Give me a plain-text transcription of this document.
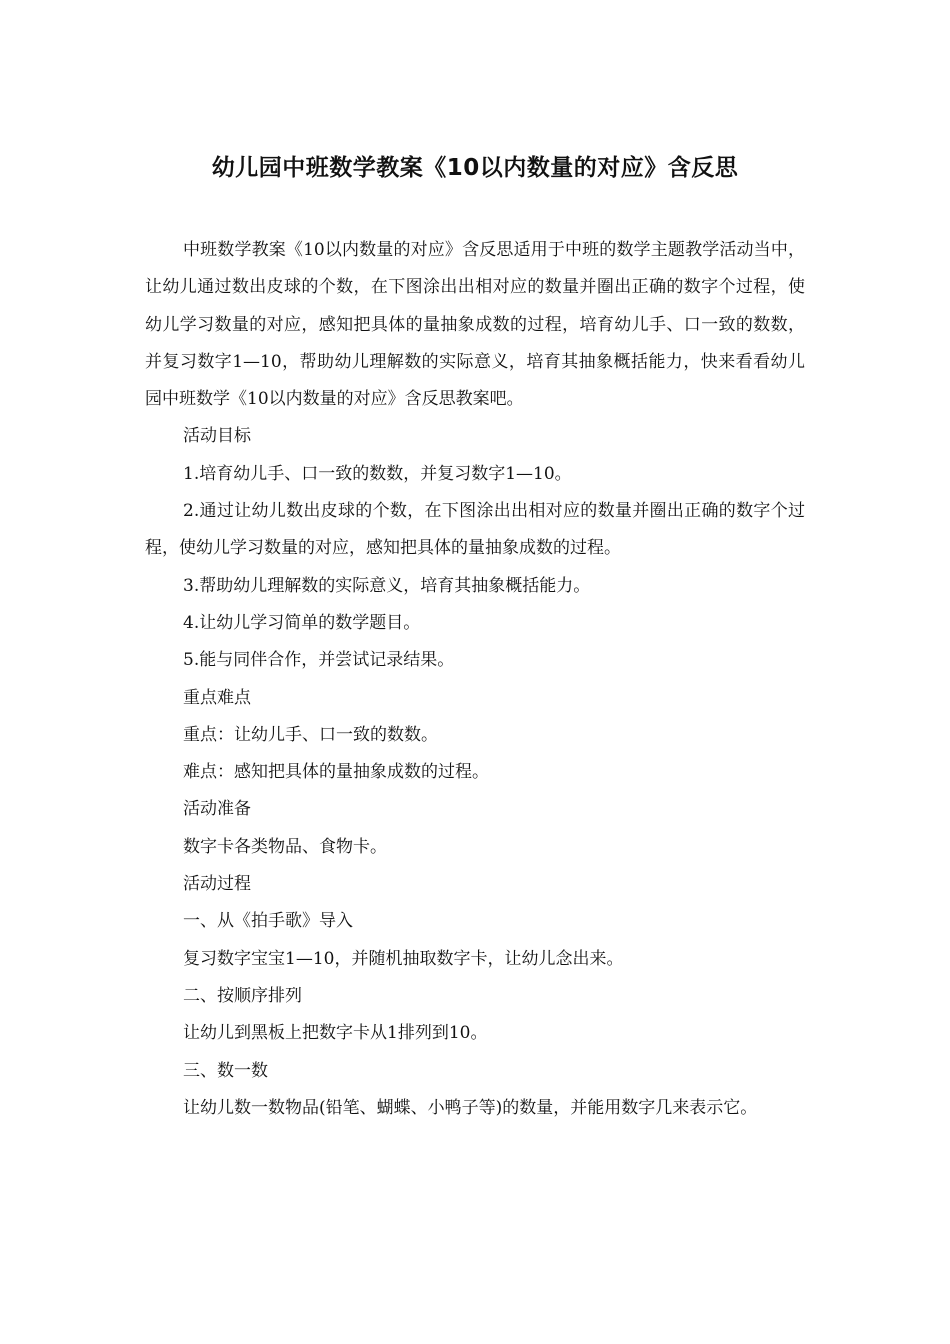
幼儿园中班数学教案《10以内数量的对应》含反思

中班数学教案《10以内数量的对应》含反思适用于中班的数学主题教学活动当中，让幼儿通过数出皮球的个数，在下图涂出出相对应的数量并圈出正确的数字个过程，使幼儿学习数量的对应，感知把具体的量抽象成数的过程，培育幼儿手、口一致的数数，并复习数字1—10，帮助幼儿理解数的实际意义，培育其抽象概括能力，快来看看幼儿园中班数学《10以内数量的对应》含反思教案吧。

活动目标

1.培育幼儿手、口一致的数数，并复习数字1—10。

2.通过让幼儿数出皮球的个数，在下图涂出出相对应的数量并圈出正确的数字个过程，使幼儿学习数量的对应，感知把具体的量抽象成数的过程。

3.帮助幼儿理解数的实际意义，培育其抽象概括能力。

4.让幼儿学习简单的数学题目。

5.能与同伴合作，并尝试记录结果。

重点难点

重点：让幼儿手、口一致的数数。

难点：感知把具体的量抽象成数的过程。

活动准备

数字卡各类物品、食物卡。

活动过程

一、从《拍手歌》导入

复习数字宝宝1—10，并随机抽取数字卡，让幼儿念出来。

二、按顺序排列

让幼儿到黑板上把数字卡从1排列到10。

三、数一数

让幼儿数一数物品(铅笔、蝴蝶、小鸭子等)的数量，并能用数字几来表示它。
